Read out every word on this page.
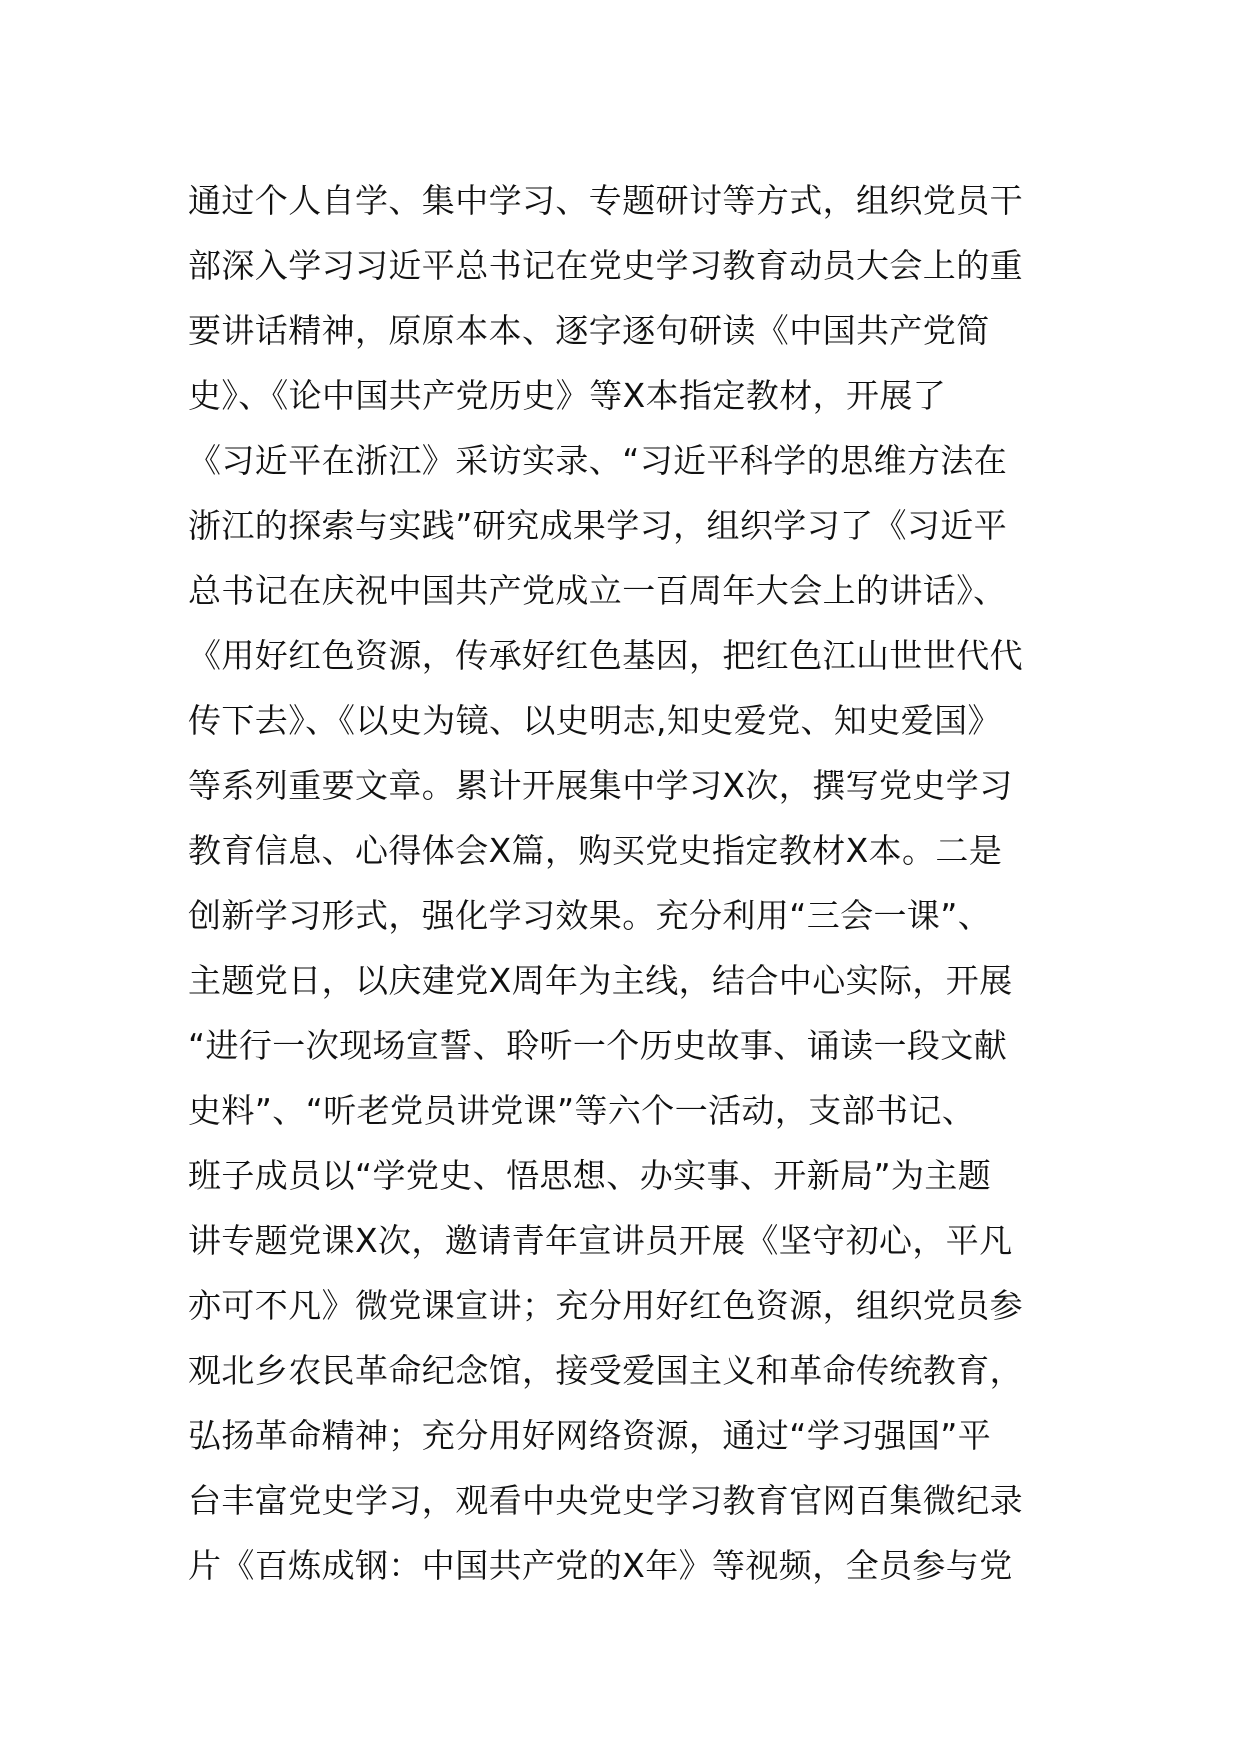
通过个人自学、集中学习、专题研讨等方式，组织党员干
部深入学习习近平总书记在党史学习教育动员大会上的重
要讲话精神，原原本本、逐字逐句研读《中国共产党简
史》、《论中国共产党历史》等X本指定教材，开展了
《习近平在浙江》采访实录、“习近平科学的思维方法在
浙江的探索与实践”研究成果学习，组织学习了《习近平
总书记在庆祝中国共产党成立一百周年大会上的讲话》、
《用好红色资源，传承好红色基因，把红色江山世世代代
传下去》、《以史为镜、以史明志,知史爱党、知史爱国》
等系列重要文章。累计开展集中学习X次，撰写党史学习
教育信息、心得体会X篇，购买党史指定教材X本。二是
创新学习形式，强化学习效果。充分利用“三会一课”、
主题党日，以庆建党X周年为主线，结合中心实际，开展
“进行一次现场宣誓、聆听一个历史故事、诵读一段文献
史料”、“听老党员讲党课”等六个一活动，支部书记、
班子成员以“学党史、悟思想、办实事、开新局”为主题
讲专题党课X次，邀请青年宣讲员开展《坚守初心，平凡
亦可不凡》微党课宣讲；充分用好红色资源，组织党员参
观北乡农民革命纪念馆，接受爱国主义和革命传统教育，
弘扬革命精神；充分用好网络资源，通过“学习强国”平
台丰富党史学习，观看中央党史学习教育官网百集微纪录
片《百炼成钢：中国共产党的X年》等视频，全员参与党
